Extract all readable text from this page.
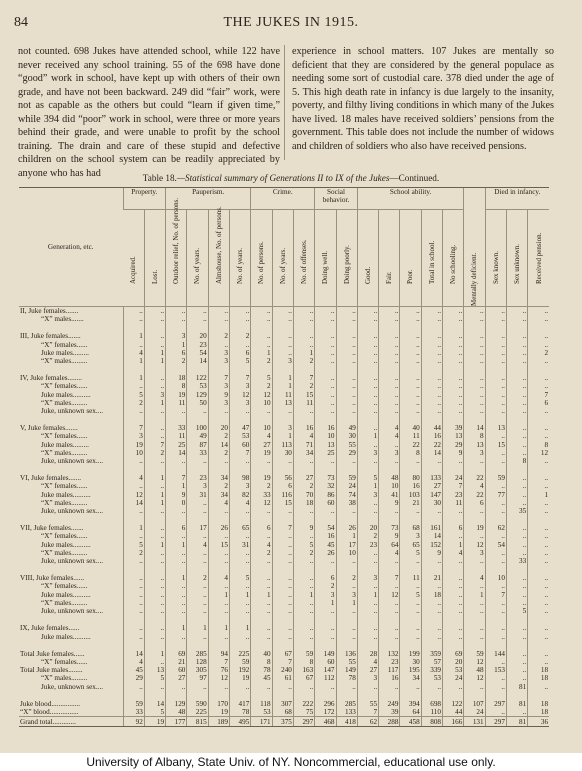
84	THE JUKES IN 1915.
not counted. 698 Jukes have attended school, while 122 have never received any school training. 55 of the 698 have done “good” work in school, have kept up with others of their own grade, and have not been backward. 249 did “fair” work, were not as capable as the others but could “learn if given time,” while 394 did “poor” work in school, were three or more years behind their grade, and were unable to profit by the school training. The drain and care of these stupid and defective children on the school system can be readily appreciated by anyone who has had
experience in school matters. 107 Jukes are mentally so deficient that they are considered by the general populace as needing some sort of custodial care. 378 died under the age of 5. This high death rate in infancy is due largely to the insanity, poverty, and filthy living conditions in which many of the Jukes have lived. 18 males have received soldiers’ pensions from the government. This table does not include the number of widows and children of soldiers who also have received pensions.
Table 18.—Statistical summary of Generations II to IX of the Jukes—Continued.
Generation, etc.	Property.		Pauperism.				Crime.			Social behavior.		School ability.					Mentally deficient.	Died in infancy.		

	Acquired.	Lost.	Outdoor relief, No. of persons.	No. of years.	Almshouse, No. of persons.	No. of years.	No. of persons.	No. of years.	No. of offenses.	Doing well.	Doing poorly.	Good.	Fair.	Poor.	Total in school.	No schooling.		Sex known.	Sex unknown.	Received pension.

II, Juke females.......	..	..	..	..	..	..	..	..	..	..	..	..	..	..	..	..	..	..	..	..
“X” males.......	..	..	..	..	..	..	..	..	..	..	..	..	..	..	..	..	..	..	..	..

III, Juke females.......	1	..	3	20	2	2	..	..	..	..	..	..	..	..	..	..	..	..	..	..
“X” females......	..	..	1	23	..	..	..	..	..	..	..	..	..	..	..	..	..	..	..	..
Juke males.........	4	1	6	54	3	6	1	..	1	..	..	..	..	..	..	..	..	..	..	2
“X” males.........	1	1	2	14	3	5	2	3	2	..	..	..	..	..	..	..	..	..	..	..

IV, Juke females........	1	..	18	122	7	7	5	1	7	..	..	..	..	..	..	..	..	..	..	..
“X” females......	..	..	8	53	3	3	2	1	2	..	..	..	..	..	..	..	..	..	..	..
Juke males..........	5	3	19	129	9	12	12	11	15	..	..	..	..	..	..	..	..	..	..	7
“X” males.........	2	1	11	50	3	3	10	13	11	..	..	..	..	..	..	..	..	..	..	6
Juke, unknown sex....	..	..	..	..	..	..	..	..	..	..	..	..	..	..	..	..	..	..	..	..

V, Juke females.......	7	..	33	100	20	47	10	3	16	16	49	..	4	40	44	39	14	13	..	..
“X” females......	3	..	11	49	2	53	4	1	4	10	30	1	4	11	16	13	8	..	..	..
Juke males.........	19	7	25	87	14	60	27	113	71	13	55	..	..	22	22	29	13	15	..	8
“X” males.........	10	2	14	33	2	7	19	30	34	25	29	3	3	8	14	9	3	..	..	12
Juke, unknown sex....	..	..	..	..	..	..	..	..	..	..	..	..	..	..	..	..	..	..	8	..

VI, Juke females.......	4	1	7	23	34	98	19	56	27	73	59	5	48	80	133	24	22	59	..	..
“X” females......	..	..	1	3	2	3	2	6	2	32	24	1	10	16	27	7	4	..	..	..
Juke males..........	12	1	9	31	34	82	33	116	70	86	74	3	41	103	147	23	22	77	..	1
“X” males.........	14	1	0	..	4	4	12	15	18	60	38	..	9	21	30	11	6	..	..	..
Juke, unknown sex....	..	..	..	..	..	..	..	..	..	..	..	..	..	..	..	..	..	..	35	..

VII, Juke females.......	1	..	6	17	26	65	6	7	9	54	26	20	73	68	161	6	19	62	..	..
“X” females......	..	..	..	..	..	..	..	..	..	16	1	2	9	3	14	..	..	..	..	..
Juke males..........	5	1	1	4	15	31	4	..	5	45	17	23	64	65	152	1	12	54	..	..
“X” males.........	2	..	..	..	..	..	2	..	2	26	10	..	4	5	9	4	3	..	..	..
Juke, unknown sex....	..	..	..	..	..	..	..	..	..	..	..	..	..	..	..	..	..	..	33	..

VIII, Juke females......	..	..	1	2	4	5	..	..	..	6	2	3	7	11	21	..	4	10	..	..
“X” females......	..	..	..	..	..	..	..	..	..	2	..	..	..	..	..	..	..	..	..	..
Juke males..........	..	..	..	..	1	1	1	..	1	3	3	1	12	5	18	..	1	7	..	..
“X” males.........	..	..	..	..	..	..	..	..	..	1	1	..	..	..	..	..	..	..	..	..
Juke, unknown sex....	..	..	..	..	..	..	..	..	..	..	..	..	..	..	..	..	..	..	5	..

IX, Juke females......	..	..	1	1	1	1	..	..	..	..	..	..	..	..	..	..	..	..	..	..
Juke males..........	..	..	..	..	..	..	..	..	..	..	..	..	..	..	..	..	..	..	..	..

Total Juke females......	14	1	69	285	94	225	40	67	59	149	136	28	132	199	359	69	59	144	..	..
“X” females......	4	..	21	128	7	59	8	7	8	60	55	4	23	30	57	20	12	..	..	..
Total Juke males........	45	13	60	305	76	192	78	240	163	147	149	27	117	195	339	53	48	153	..	18
“X” males.........	29	5	27	97	12	19	45	61	67	112	78	3	16	34	53	24	12	..	..	18
Juke, unknown sex....	..	..	..	..	..	..	..	..	..	..	..	..	..	..	..	..	..	..	81	..

Juke blood................	59	14	129	590	170	417	118	307	222	296	285	55	249	394	698	122	107	297	81	18
“X” blood................	33	5	48	225	19	78	53	68	75	172	133	7	39	64	110	44	24	..	..	18
Grand total.............	92	19	177	815	189	495	171	375	297	468	418	62	288	458	808	166	131	297	81	36
University of Albany, State Univ. of NY. Noncommercial, educational use only.
